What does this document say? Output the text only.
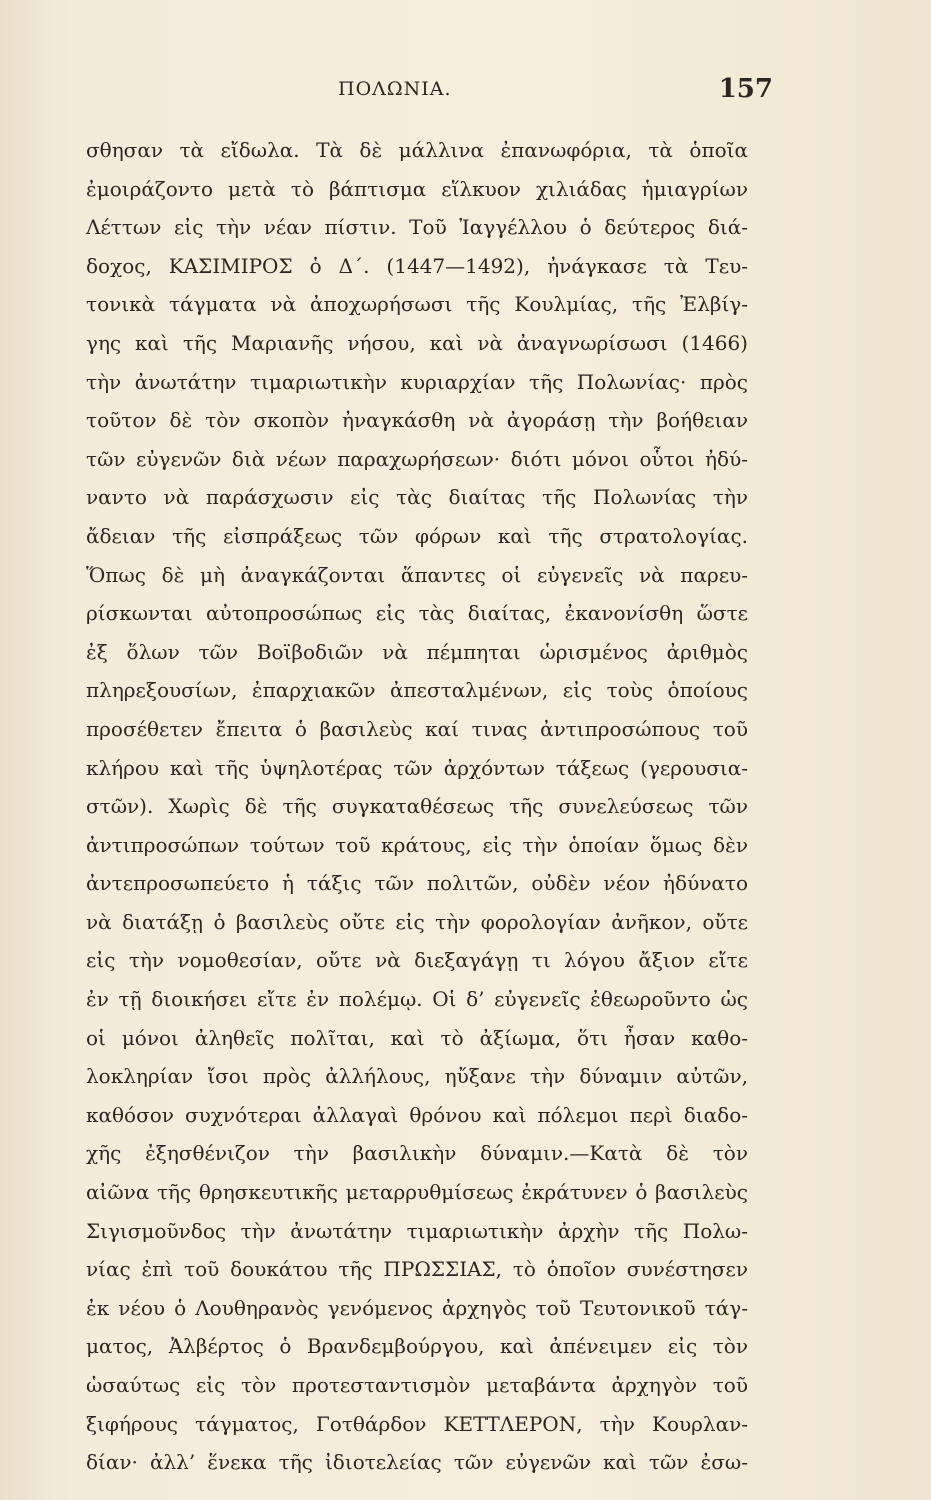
ΠΟΛΩΝΙΑ.	157
σθησαν τὰ εἴδωλα. Τὰ δὲ μάλλινα ἐπανωφόρια, τὰ ὁποῖα
ἐμοιράζοντο μετὰ τὸ βάπτισμα εἵλκυον χιλιάδας ἡμιαγρίων
Λέττων εἰς τὴν νέαν πίστιν. Τοῦ Ἰαγγέλλου ὁ δεύτερος διά-
δοχος, ΚΑΣΙΜΙΡΟΣ ὁ Δ΄. (1447—1492), ἠνάγκασε τὰ Τευ-
τονικὰ τάγματα νὰ ἀποχωρήσωσι τῆς Κουλμίας, τῆς Ἐλβίγ-
γης καὶ τῆς Μαριανῆς νήσου, καὶ νὰ ἀναγνωρίσωσι (1466)
τὴν ἀνωτάτην τιμαριωτικὴν κυριαρχίαν τῆς Πολωνίας· πρὸς
τοῦτον δὲ τὸν σκοπὸν ἠναγκάσθη νὰ ἀγοράσῃ τὴν βοήθειαν
τῶν εὐγενῶν διὰ νέων παραχωρήσεων· διότι μόνοι οὗτοι ἠδύ-
ναντο νὰ παράσχωσιν εἰς τὰς διαίτας τῆς Πολωνίας τὴν
ἄδειαν τῆς εἰσπράξεως τῶν φόρων καὶ τῆς στρατολογίας.
Ὅπως δὲ μὴ ἀναγκάζονται ἅπαντες οἱ εὐγενεῖς νὰ παρευ-
ρίσκωνται αὐτοπροσώπως εἰς τὰς διαίτας, ἐκανονίσθη ὥστε
ἐξ ὅλων τῶν Βοϊβοδιῶν νὰ πέμπηται ὡρισμένος ἀριθμὸς
πληρεξουσίων, ἐπαρχιακῶν ἀπεσταλμένων, εἰς τοὺς ὁποίους
προσέθετεν ἔπειτα ὁ βασιλεὺς καί τινας ἀντιπροσώπους τοῦ
κλήρου καὶ τῆς ὑψηλοτέρας τῶν ἀρχόντων τάξεως (γερουσια-
στῶν). Χωρὶς δὲ τῆς συγκαταθέσεως τῆς συνελεύσεως τῶν
ἀντιπροσώπων τούτων τοῦ κράτους, εἰς τὴν ὁποίαν ὅμως δὲν
ἀντεπροσωπεύετο ἡ τάξις τῶν πολιτῶν, οὐδὲν νέον ἠδύνατο
νὰ διατάξῃ ὁ βασιλεὺς οὔτε εἰς τὴν φορολογίαν ἀνῆκον, οὔτε
εἰς τὴν νομοθεσίαν, οὔτε νὰ διεξαγάγῃ τι λόγου ἄξιον εἴτε
ἐν τῇ διοικήσει εἴτε ἐν πολέμῳ. Οἱ δ’ εὐγενεῖς ἐθεωροῦντο ὡς
οἱ μόνοι ἀληθεῖς πολῖται, καὶ τὸ ἀξίωμα, ὅτι ἦσαν καθο-
λοκληρίαν ἴσοι πρὸς ἀλλήλους, ηὔξανε τὴν δύναμιν αὐτῶν,
καθόσον συχνότεραι ἀλλαγαὶ θρόνου καὶ πόλεμοι περὶ διαδο-
χῆς ἐξησθένιζον τὴν βασιλικὴν δύναμιν.—Κατὰ δὲ τὸν
αἰῶνα τῆς θρησκευτικῆς μεταρρυθμίσεως ἐκράτυνεν ὁ βασιλεὺς
Σιγισμοῦνδος τὴν ἀνωτάτην τιμαριωτικὴν ἀρχὴν τῆς Πολω-
νίας ἐπὶ τοῦ δουκάτου τῆς ΠΡΩΣΣΙΑΣ, τὸ ὁποῖον συνέστησεν
ἐκ νέου ὁ Λουθηρανὸς γενόμενος ἀρχηγὸς τοῦ Τευτονικοῦ τάγ-
ματος, Ἀλβέρτος ὁ Βρανδεμβούργου, καὶ ἀπένειμεν εἰς τὸν
ὡσαύτως εἰς τὸν προτεσταντισμὸν μεταβάντα ἀρχηγὸν τοῦ
ξιφήρους τάγματος, Γοτθάρδον ΚΕΤΤΛΕΡΟΝ, τὴν Κουρλαν-
δίαν· ἀλλ’ ἕνεκα τῆς ἰδιοτελείας τῶν εὐγενῶν καὶ τῶν ἐσω-
